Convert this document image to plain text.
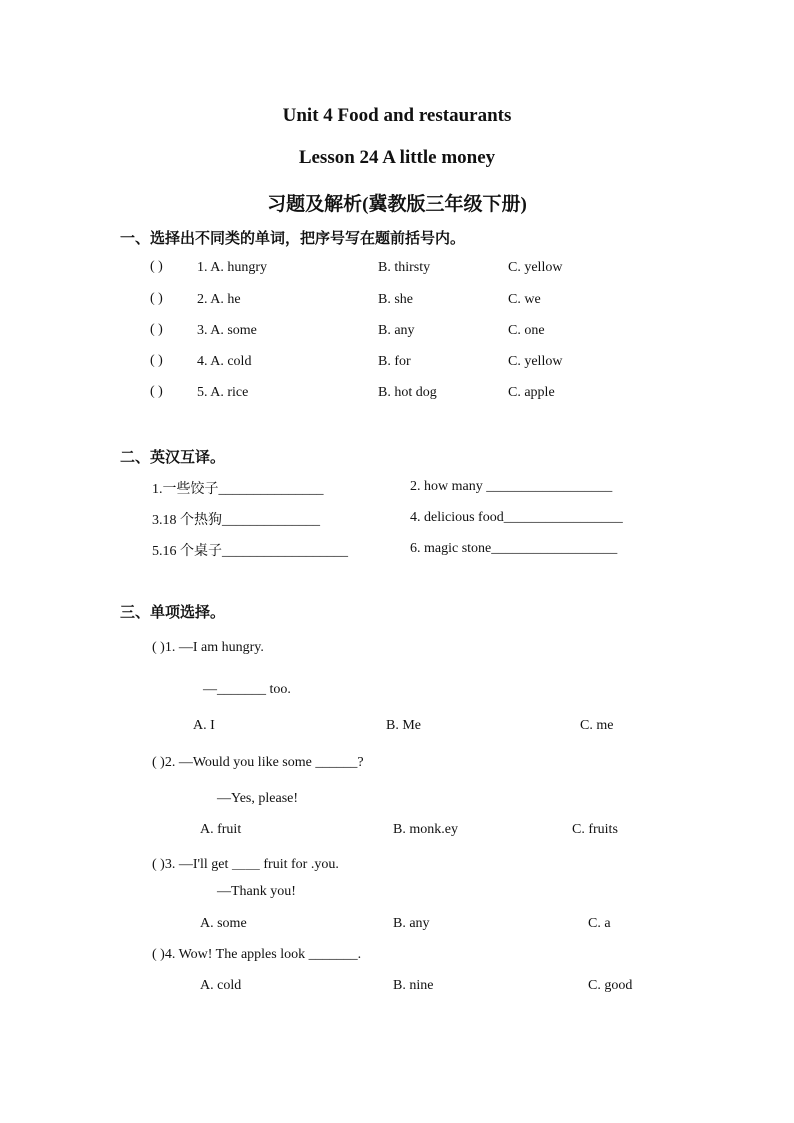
Unit 4 Food and restaurants
Lesson 24 A little money
习题及解析(冀教版三年级下册)
一、选择出不同类的单词，把序号写在题前括号内。
( ) 1. A. hungry	B. thirsty	C. yellow
( ) 2. A. he	B. she	C. we
( ) 3. A. some	B. any	C. one
( ) 4. A. cold	B. for	C. yellow
( ) 5. A. rice	B. hot dog	C. apple
二、英汉互译。
1.一些饺子_______________	2. how many __________________
3.18 个热狗______________	4. delicious food_________________
5.16 个桌子__________________	6. magic stone__________________
三、单项选择。
( )1. —I am hungry.
—_______ too.
A. I	B. Me	C. me
( )2. —Would you like some ______?
—Yes, please!
A. fruit	B. monk.ey	C. fruits
( )3. —I'll get ＿＿ fruit for .you.
—Thank you!
A. some	B. any	C. a
( )4. Wow! The apples look _______.
A. cold	B. nine	C. good
